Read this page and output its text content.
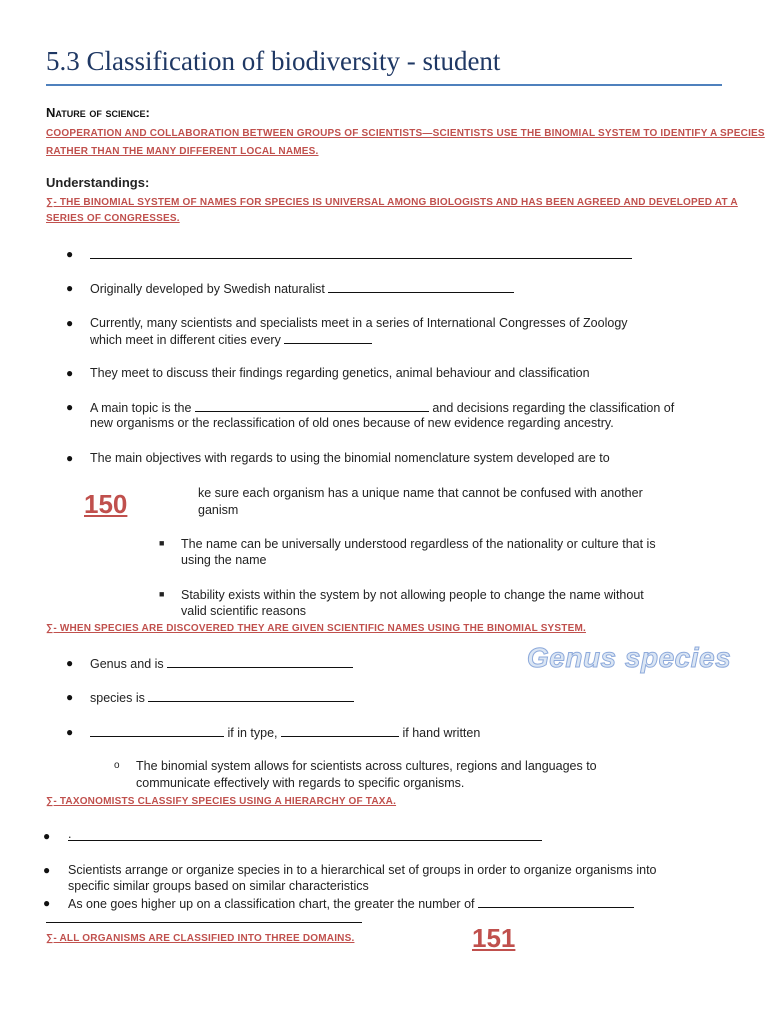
5.3 Classification of biodiversity - student
Nature of science:
COOPERATION AND COLLABORATION BETWEEN GROUPS OF SCIENTISTS—SCIENTISTS USE THE BINOMIAL SYSTEM TO IDENTIFY A SPECIES
RATHER THAN THE MANY DIFFERENT LOCAL NAMES.
Understandings:
∑- THE BINOMIAL SYSTEM OF NAMES FOR SPECIES IS UNIVERSAL AMONG BIOLOGISTS AND HAS BEEN AGREED AND DEVELOPED AT A
SERIES OF CONGRESSES.
●
● Originally developed by Swedish naturalist
● Currently, many scientists and specialists meet in a series of International Congresses of Zoology
which meet in different cities every
● They meet to discuss their findings regarding genetics, animal behaviour and classification
● A main topic is the	and decisions regarding the classification of
new organisms or the reclassification of old ones because of new evidence regarding ancestry.
● The main objectives with regards to using the binomial nomenclature system developed are to
150	ke sure each organism has a unique name that cannot be confused with another
ganism
■ The name can be universally understood regardless of the nationality or culture that is
using the name
■ Stability exists within the system by not allowing people to change the name without
valid scientific reasons
∑- WHEN SPECIES ARE DISCOVERED THEY ARE GIVEN SCIENTIFIC NAMES USING THE BINOMIAL SYSTEM.
Genus species
● Genus and is
● species is
●	if in type,	if hand written
o The binomial system allows for scientists across cultures, regions and languages to
communicate effectively with regards to specific organisms.
∑- TAXONOMISTS CLASSIFY SPECIES USING A HIERARCHY OF TAXA.
● .
● Scientists arrange or organize species in to a hierarchical set of groups in order to organize organisms into
specific similar groups based on similar characteristics
● As one goes higher up on a classification chart, the greater the number of
∑- ALL ORGANISMS ARE CLASSIFIED INTO THREE DOMAINS.	151
